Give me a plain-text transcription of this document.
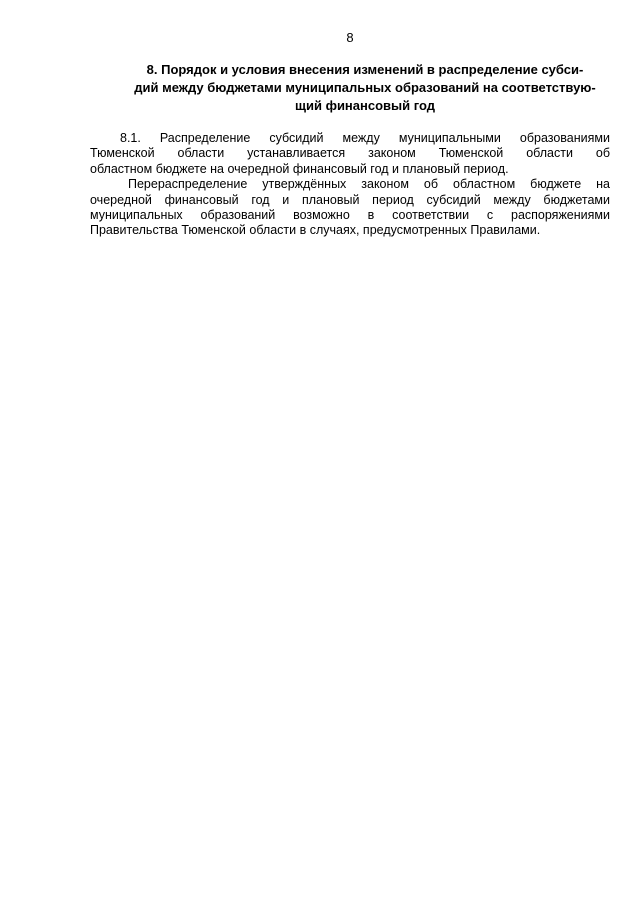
8
8. Порядок и условия внесения изменений в распределение субси-
дий между бюджетами муниципальных образований на соответствую-
щий финансовый год
8.1. Распределение субсидий между муниципальными образованиями
Тюменской области устанавливается законом Тюменской области об
областном бюджете на очередной финансовый год и плановый период.
Перераспределение утверждённых законом об областном бюджете на
очередной финансовый год и плановый период субсидий между бюджетами
муниципальных образований возможно в соответствии с распоряжениями
Правительства Тюменской области в случаях, предусмотренных Правилами.
